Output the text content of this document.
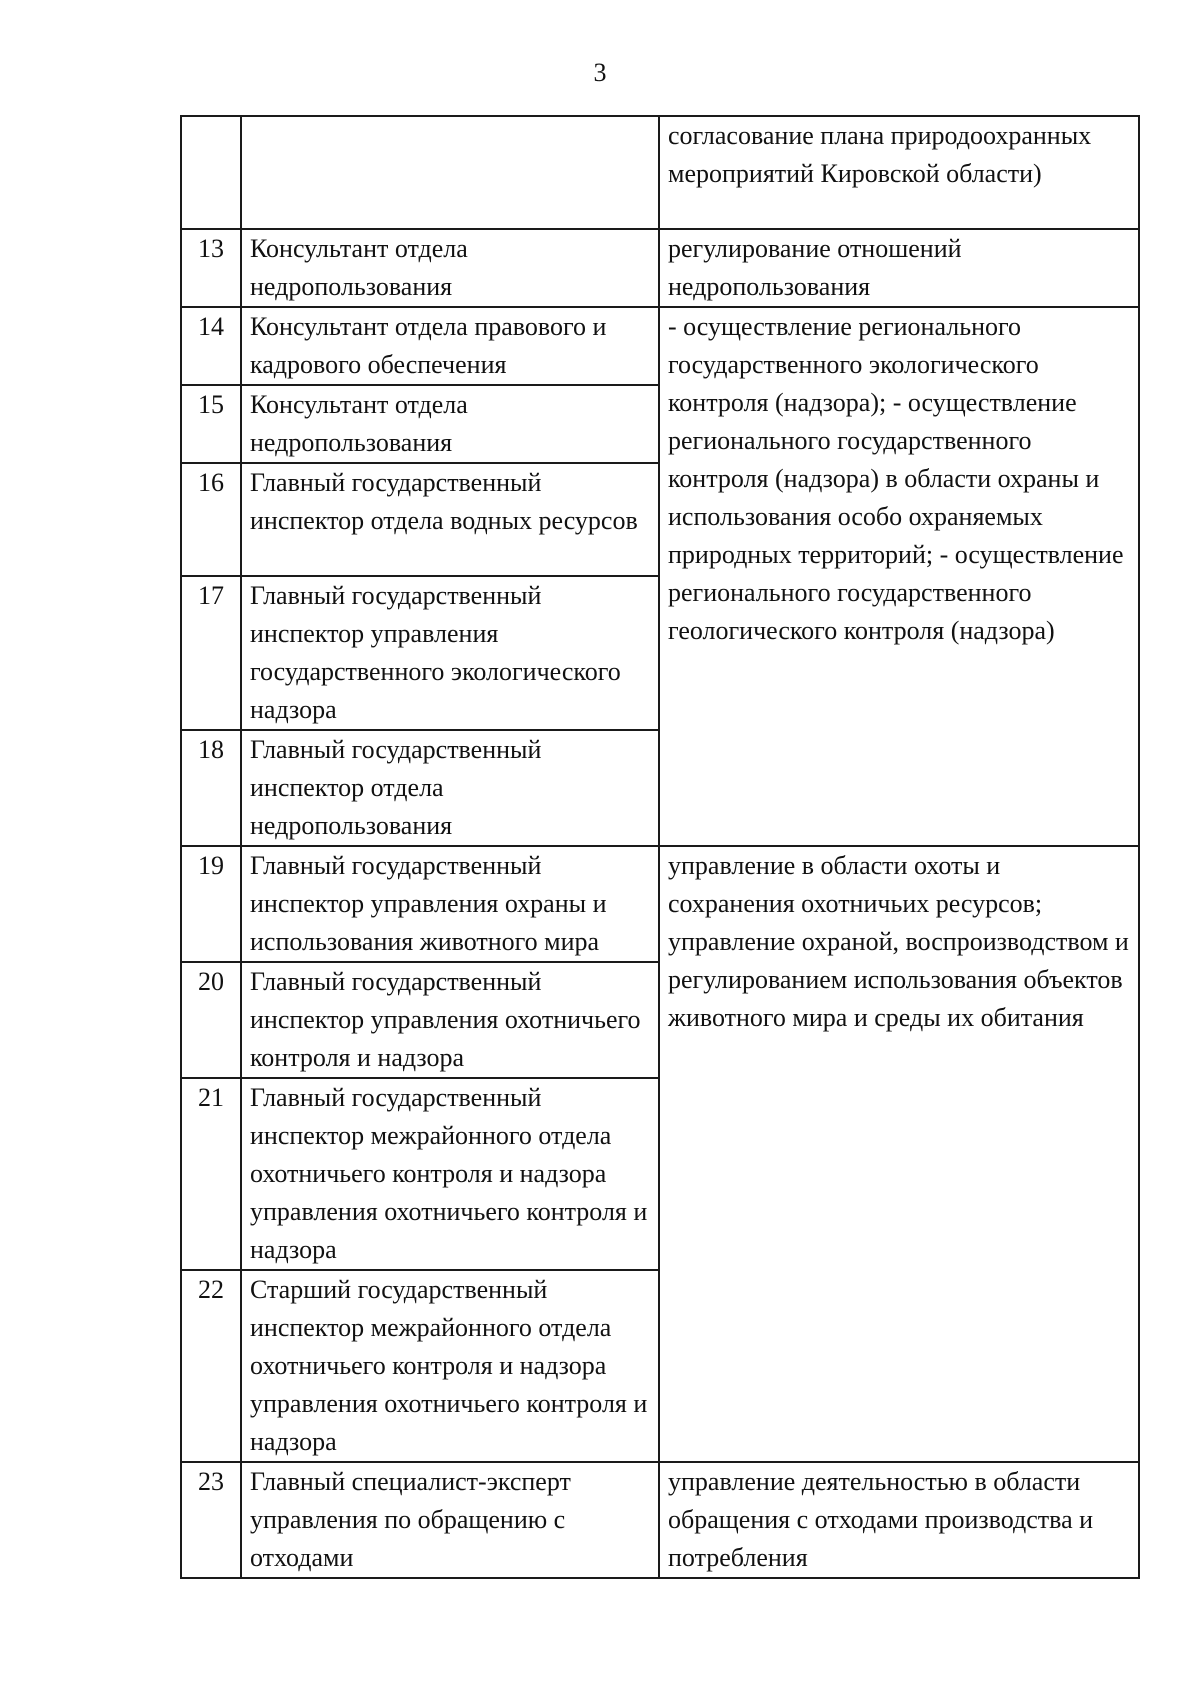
3
		согласование плана природоохранных мероприятий Кировской области)
13	Консультант отдела недропользования	регулирование отношений недропользования
14	Консультант отдела правового и кадрового обеспечения	- осуществление регионального государственного экологического контроля (надзора); - осуществление регионального государственного контроля (надзора) в области охраны и использования особо охраняемых природных территорий; - осуществление регионального государственного геологического контроля (надзора)
15	Консультант отдела недропользования	
16	Главный государственный инспектор отдела водных ресурсов	
17	Главный государственный инспектор управления государственного экологического надзора	
18	Главный государственный инспектор отдела недропользования	
19	Главный государственный инспектор управления охраны и использования животного мира	управление в области охоты и сохранения охотничьих ресурсов; управление охраной, воспроизводством и регулированием использования объектов животного мира и среды их обитания
20	Главный государственный инспектор управления охотничьего контроля и надзора	
21	Главный государственный инспектор межрайонного отдела охотничьего контроля и надзора управления охотничьего контроля и надзора	
22	Старший государственный инспектор межрайонного отдела охотничьего контроля и надзора управления охотничьего контроля и надзора	
23	Главный специалист-эксперт управления по обращению с отходами	управление деятельностью в области обращения с отходами производства и потребления
